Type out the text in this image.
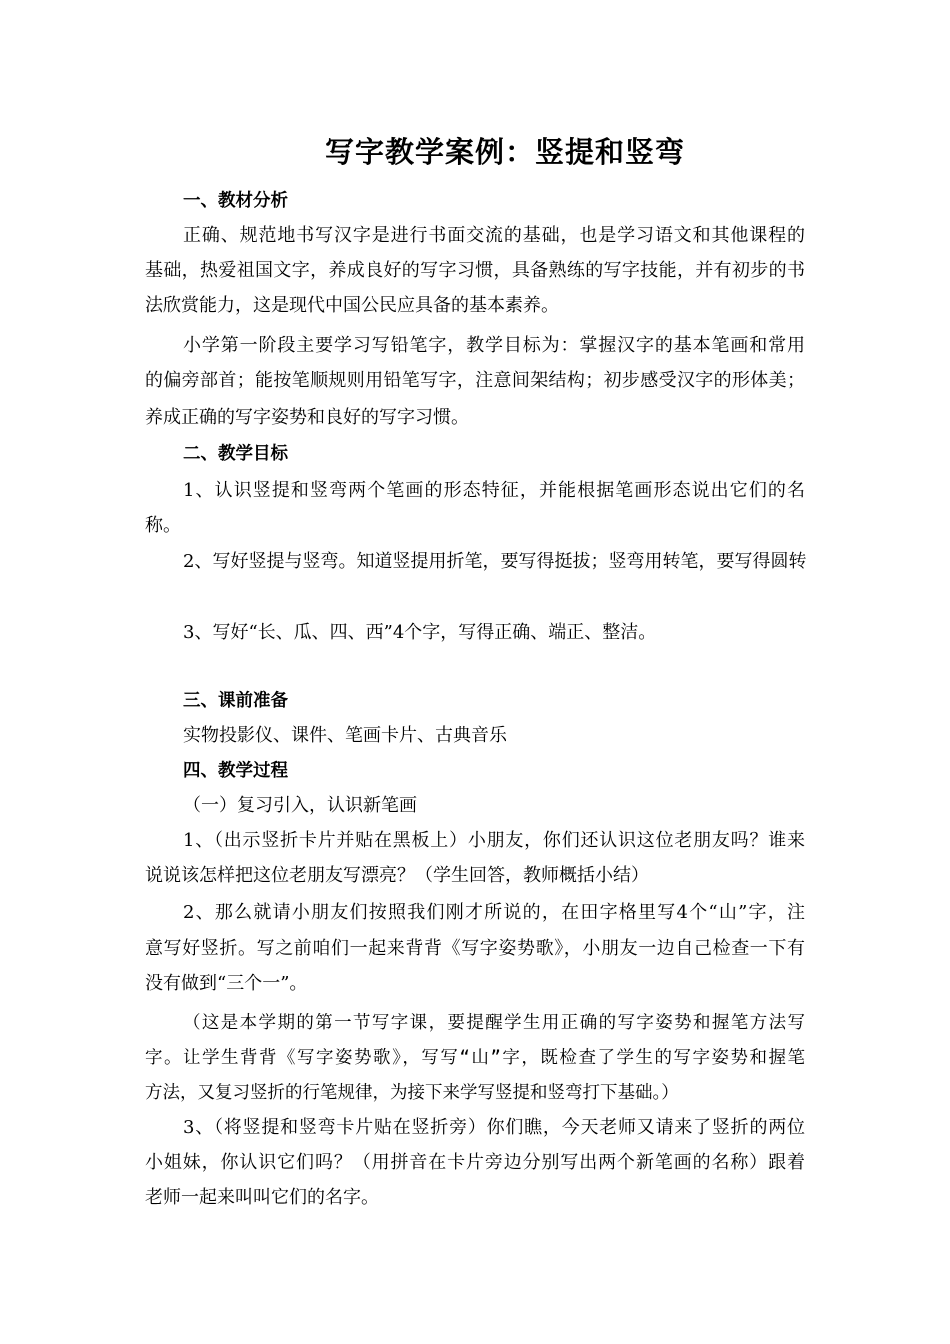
写字教学案例：竖提和竖弯
一、教材分析
正确、规范地书写汉字是进行书面交流的基础，也是学习语文和其他课程的
基础，热爱祖国文字，养成良好的写字习惯，具备熟练的写字技能，并有初步的书
法欣赏能力，这是现代中国公民应具备的基本素养。
小学第一阶段主要学习写铅笔字，教学目标为：掌握汉字的基本笔画和常用
的偏旁部首；能按笔顺规则用铅笔写字，注意间架结构；初步感受汉字的形体美；
养成正确的写字姿势和良好的写字习惯。
二、教学目标
1、认识竖提和竖弯两个笔画的形态特征，并能根据笔画形态说出它们的名
称。
2、写好竖提与竖弯。知道竖提用折笔，要写得挺拔；竖弯用转笔，要写得圆转
3、写好“长、瓜、四、西”4个字，写得正确、端正、整洁。
三、课前准备
实物投影仪、课件、笔画卡片、古典音乐
四、教学过程
（一）复习引入，认识新笔画
1、（出示竖折卡片并贴在黑板上）小朋友，你们还认识这位老朋友吗？谁来
说说该怎样把这位老朋友写漂亮？（学生回答，教师概括小结）
2、那么就请小朋友们按照我们刚才所说的，在田字格里写4个“山”字，注
意写好竖折。写之前咱们一起来背背《写字姿势歌》，小朋友一边自己检查一下有
没有做到“三个一”。
（这是本学期的第一节写字课，要提醒学生用正确的写字姿势和握笔方法写
字。让学生背背《写字姿势歌》，写写“山”字，既检查了学生的写字姿势和握笔
方法，又复习竖折的行笔规律，为接下来学写竖提和竖弯打下基础。）
3、（将竖提和竖弯卡片贴在竖折旁）你们瞧，今天老师又请来了竖折的两位
小姐妹，你认识它们吗？（用拼音在卡片旁边分别写出两个新笔画的名称）跟着
老师一起来叫叫它们的名字。
